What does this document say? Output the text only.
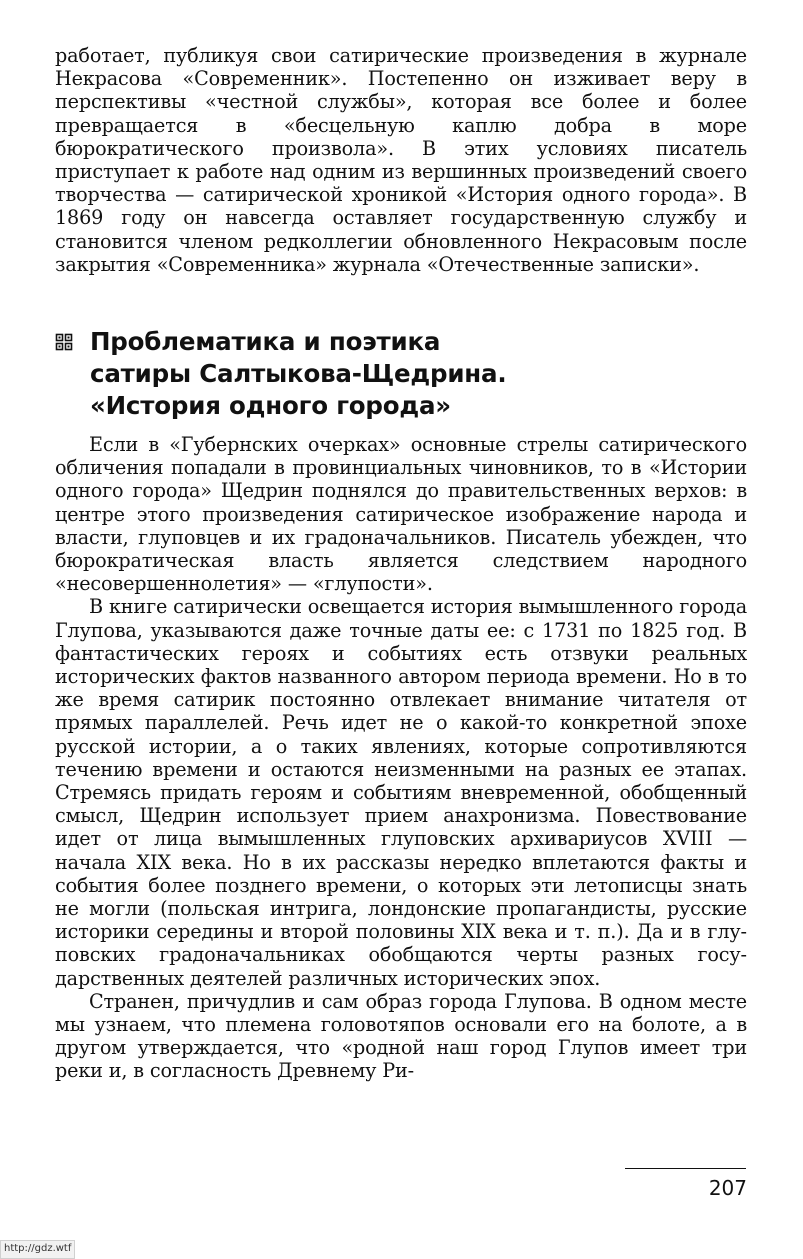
работает, публикуя свои сатирические произведения в журнале Некрасова «Современник». Постепенно он изживает веру в перспективы «честной службы», которая все более и более превращается в «бесцельную каплю добра в море бюрократического произвола». В этих условиях писатель приступает к работе над одним из вершинных произведений своего творчества — сатирической хроникой «История одного города». В 1869 году он навсегда оставляет государственную службу и становится членом редколлегии обновленного Некрасовым после закрытия «Современника» журнала «Отечественные записки».

Проблематика и поэтика
сатиры Салтыкова-Щедрина.
«История одного города»

Если в «Губернских очерках» основные стрелы сатирического обличения попадали в провинциальных чиновников, то в «Истории одного города» Щедрин поднялся до правительственных верхов: в центре этого произведения сатирическое изображение народа и власти, глуповцев и их градоначальников. Писатель убежден, что бюрократическая власть является следствием народного «несовершеннолетия» — «глупости».

В книге сатирически освещается история вымышленного города Глупова, указываются даже точные даты ее: с 1731 по 1825 год. В фантастических героях и событиях есть отзвуки реальных исторических фактов названного автором периода времени. Но в то же время сатирик постоянно отвлекает внимание читателя от прямых параллелей. Речь идет не о какой-то конкретной эпохе русской истории, а о таких явлениях, которые сопротивляются течению времени и остаются неизменными на разных ее этапах. Стремясь придать героям и событиям вневременной, обобщенный смысл, Щедрин использует прием анахронизма. Повествование идет от лица вымышленных глуповских архивариусов XVIII — начала XIX века. Но в их рассказы нередко вплетаются факты и события более позднего времени, о которых эти летописцы знать не могли (польская интрига, лондонские пропагандисты, русские историки середины и второй половины XIX века и т. п.). Да и в глуповских градоначальниках обобщаются черты разных государственных деятелей различных исторических эпох.

Странен, причудлив и сам образ города Глупова. В одном месте мы узнаем, что племена головотяпов основали его на болоте, а в другом утверждается, что «родной наш город Глупов имеет три реки и, в согласность Древнему Ри-

207
http://gdz.wtf
